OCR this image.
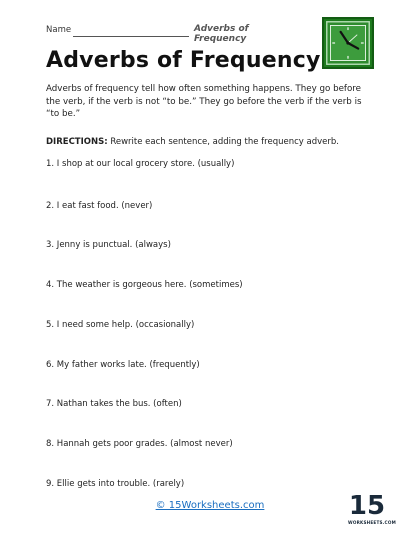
Name	Adverbs of Frequency
Adverbs of Frequency
Adverbs of frequency tell how often something happens. They go before the verb, if the verb is not “to be.” They go before the verb if the verb is “to be.”
DIRECTIONS: Rewrite each sentence, adding the frequency adverb.
1. I shop at our local grocery store. (usually)
2. I eat fast food. (never)
3. Jenny is punctual. (always)
4. The weather is gorgeous here. (sometimes)
5. I need some help. (occasionally)
6. My father works late. (frequently)
7. Nathan takes the bus. (often)
8. Hannah gets poor grades. (almost never)
9. Ellie gets into trouble. (rarely)
© 15Worksheets.com	15
WORKSHEETS.COM
